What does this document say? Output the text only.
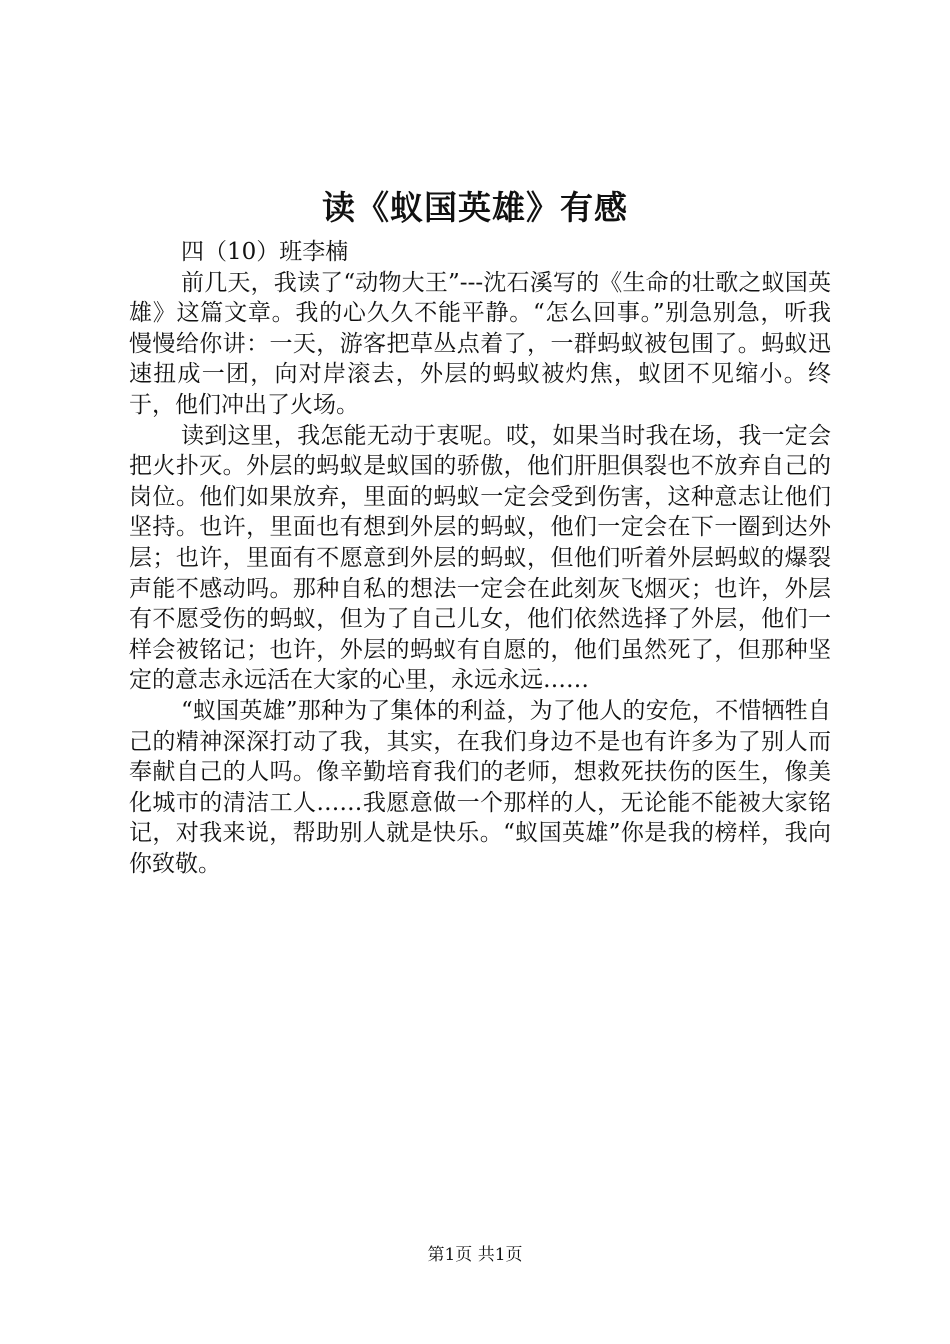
读《蚁国英雄》有感

四（10）班李楠

前几天，我读了“动物大王”---沈石溪写的《生命的壮歌之蚁国英雄》这篇文章。我的心久久不能平静。“怎么回事。”别急别急，听我慢慢给你讲：一天，游客把草丛点着了，一群蚂蚁被包围了。蚂蚁迅速扭成一团，向对岸滚去，外层的蚂蚁被灼焦，蚁团不见缩小。终于，他们冲出了火场。

读到这里，我怎能无动于衷呢。哎，如果当时我在场，我一定会把火扑灭。外层的蚂蚁是蚁国的骄傲，他们肝胆俱裂也不放弃自己的岗位。他们如果放弃，里面的蚂蚁一定会受到伤害，这种意志让他们坚持。也许，里面也有想到外层的蚂蚁，他们一定会在下一圈到达外层；也许，里面有不愿意到外层的蚂蚁，但他们听着外层蚂蚁的爆裂声能不感动吗。那种自私的想法一定会在此刻灰飞烟灭；也许，外层有不愿受伤的蚂蚁，但为了自己儿女，他们依然选择了外层，他们一样会被铭记；也许，外层的蚂蚁有自愿的，他们虽然死了，但那种坚定的意志永远活在大家的心里，永远永远……

“蚁国英雄”那种为了集体的利益，为了他人的安危，不惜牺牲自己的精神深深打动了我，其实，在我们身边不是也有许多为了别人而奉献自己的人吗。像辛勤培育我们的老师，想救死扶伤的医生，像美化城市的清洁工人……我愿意做一个那样的人，无论能不能被大家铭记，对我来说，帮助别人就是快乐。“蚁国英雄”你是我的榜样，我向你致敬。

第1页 共1页
